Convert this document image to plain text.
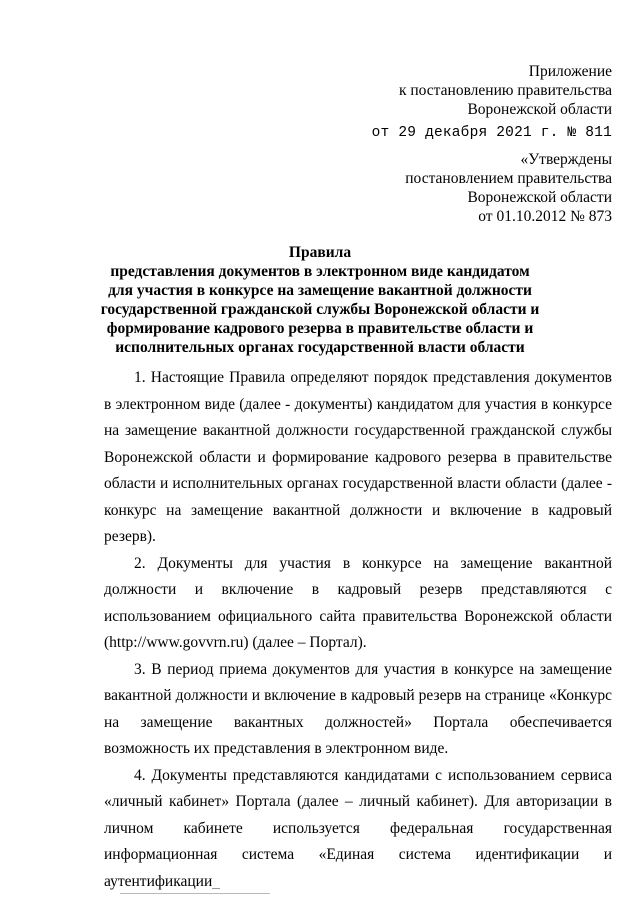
Приложение
к постановлению правительства
Воронежской области
от 29 декабря 2021 г. № 811
«Утверждены
постановлением правительства
Воронежской области
от 01.10.2012 № 873
Правила
представления документов в электронном виде кандидатом для участия в конкурсе на замещение вакантной должности государственной гражданской службы Воронежской области и формирование кадрового резерва в правительстве области и исполнительных органах государственной власти области

1. Настоящие Правила определяют порядок представления документов в электронном виде (далее - документы) кандидатом для участия в конкурсе на замещение вакантной должности государственной гражданской службы Воронежской области и формирование кадрового резерва в правительстве области и исполнительных органах государственной власти области (далее - конкурс на замещение вакантной должности и включение в кадровый резерв).

2. Документы для участия в конкурсе на замещение вакантной должности и включение в кадровый резерв представляются с использованием официального сайта правительства Воронежской области (http://www.govvrn.ru) (далее – Портал).

3. В период приема документов для участия в конкурсе на замещение вакантной должности и включение в кадровый резерв на странице «Конкурс на замещение вакантных должностей» Портала обеспечивается возможность их представления в электронном виде.

4. Документы представляются кандидатами с использованием сервиса «личный кабинет» Портала (далее – личный кабинет). Для авторизации в личном кабинете используется федеральная государственная информационная система «Единая система идентификации и аутентификации
